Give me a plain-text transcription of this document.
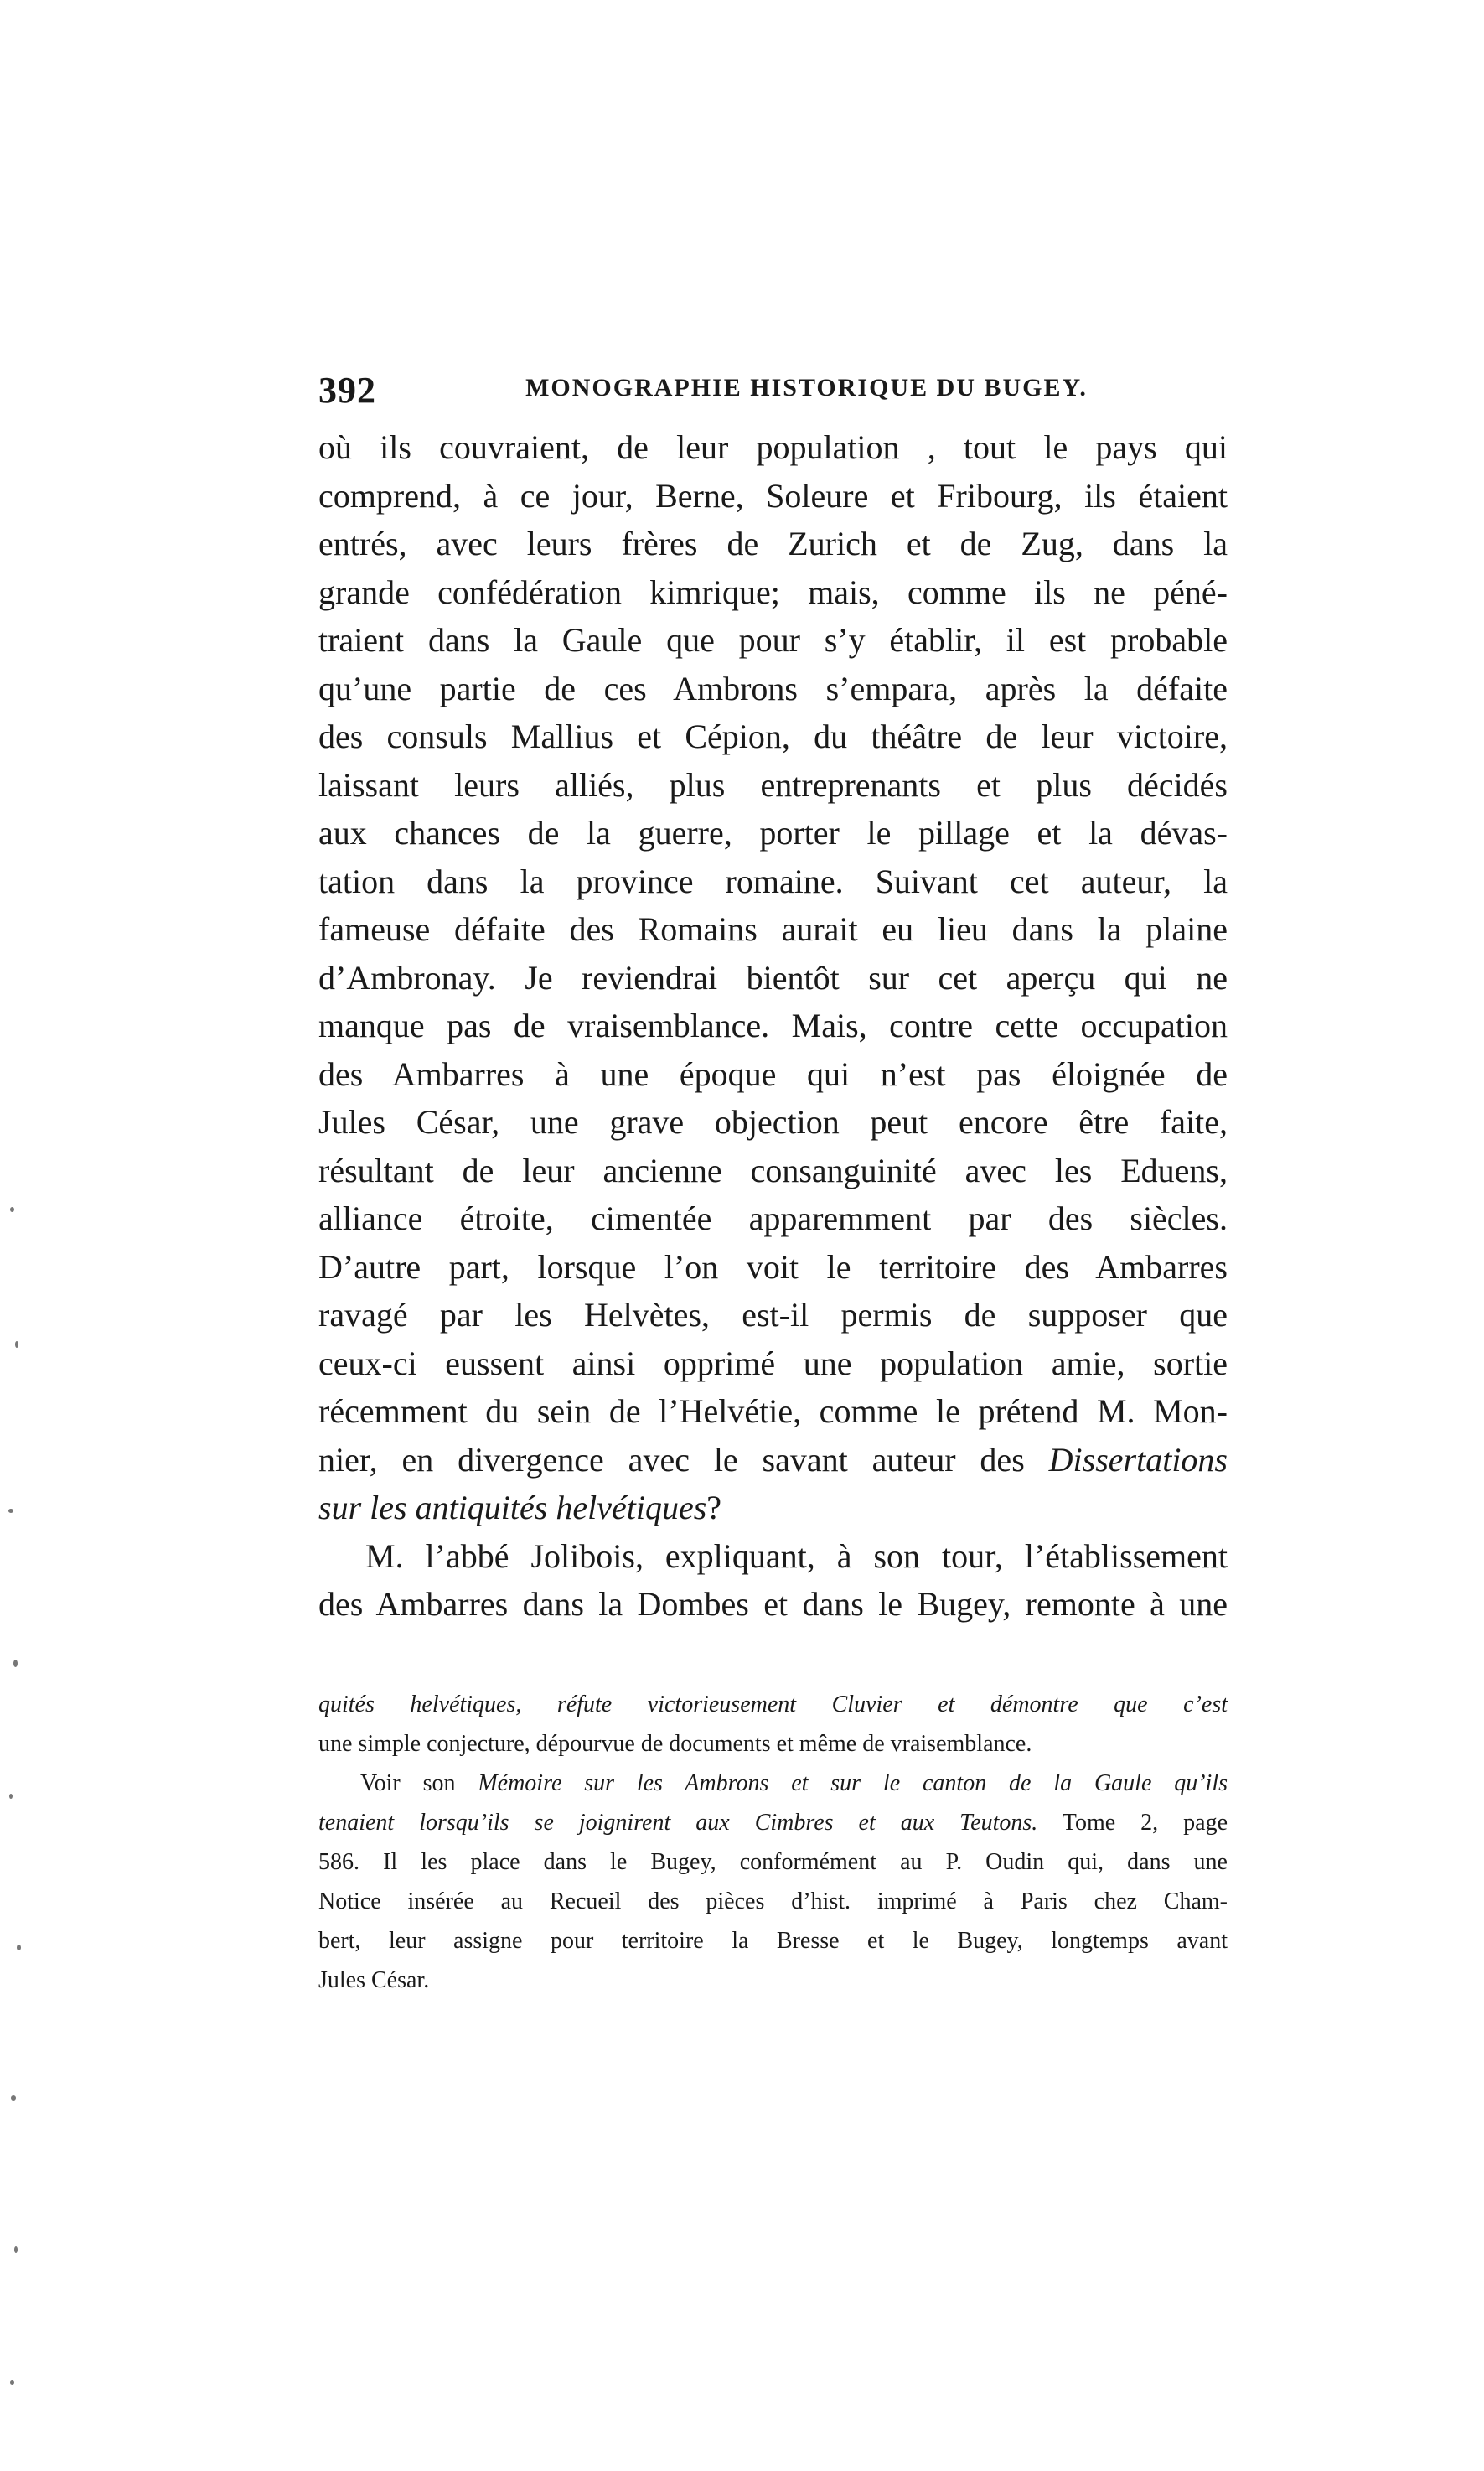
392	MONOGRAPHIE HISTORIQUE DU BUGEY.
où ils couvraient, de leur population , tout le pays qui
comprend, à ce jour, Berne, Soleure et Fribourg, ils étaient
entrés, avec leurs frères de Zurich et de Zug, dans la
grande confédération kimrique; mais, comme ils ne péné-
traient dans la Gaule que pour s’y établir, il est probable
qu’une partie de ces Ambrons s’empara, après la défaite
des consuls Mallius et Cépion, du théâtre de leur victoire,
laissant leurs alliés, plus entreprenants et plus décidés
aux chances de la guerre, porter le pillage et la dévas-
tation dans la province romaine. Suivant cet auteur, la
fameuse défaite des Romains aurait eu lieu dans la plaine
d’Ambronay. Je reviendrai bientôt sur cet aperçu qui ne
manque pas de vraisemblance. Mais, contre cette occupation
des Ambarres à une époque qui n’est pas éloignée de
Jules César, une grave objection peut encore être faite,
résultant de leur ancienne consanguinité avec les Eduens,
alliance étroite, cimentée apparemment par des siècles.
D’autre part, lorsque l’on voit le territoire des Ambarres
ravagé par les Helvètes, est-il permis de supposer que
ceux-ci eussent ainsi opprimé une population amie, sortie
récemment du sein de l’Helvétie, comme le prétend M. Mon-
nier, en divergence avec le savant auteur des Dissertations
sur les antiquités helvétiques?
M. l’abbé Jolibois, expliquant, à son tour, l’établissement
des Ambarres dans la Dombes et dans le Bugey, remonte à une
quités helvétiques, réfute victorieusement Cluvier et démontre que c’est
une simple conjecture, dépourvue de documents et même de vraisemblance.
Voir son Mémoire sur les Ambrons et sur le canton de la Gaule qu’ils
tenaient lorsqu’ils se joignirent aux Cimbres et aux Teutons. Tome 2, page
586. Il les place dans le Bugey, conformément au P. Oudin qui, dans une
Notice insérée au Recueil des pièces d’hist. imprimé à Paris chez Cham-
bert, leur assigne pour territoire la Bresse et le Bugey, longtemps avant
Jules César.
